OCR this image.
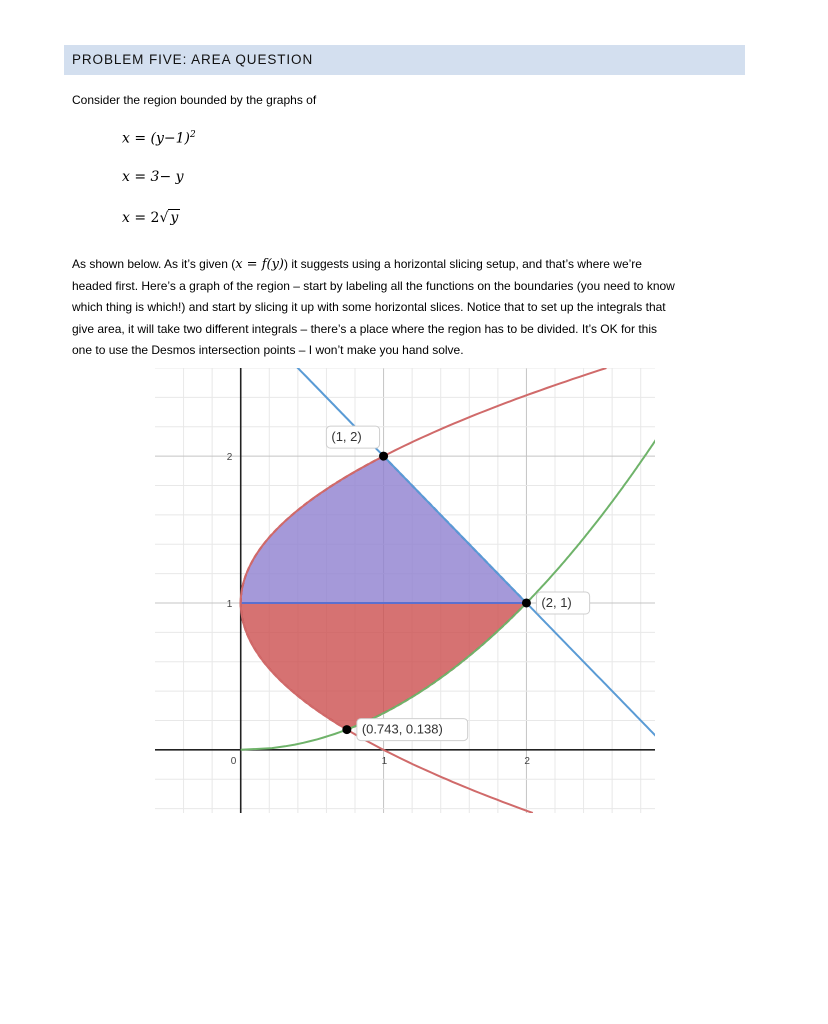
PROBLEM FIVE: AREA QUESTION
Consider the region bounded by the graphs of
$x = (y-1)^2$
x = 3− y
x = 2√ y

As shown below. As it’s given (x = f(y)) it suggests using a horizontal slicing setup, and that’s where we’re

headed first. Here’s a graph of the region – start by labeling all the functions on the boundaries (you need to know

which thing is which!) and start by slicing it up with some horizontal slices. Notice that to set up the integrals that

give area, it will take two different integrals – there’s a place where the region has to be divided. It’s OK for this

one to use the Desmos intersection points – I won’t make you hand solve.

0	1	2
1
2
(1, 2)
(2, 1)
(0.743, 0.138)
